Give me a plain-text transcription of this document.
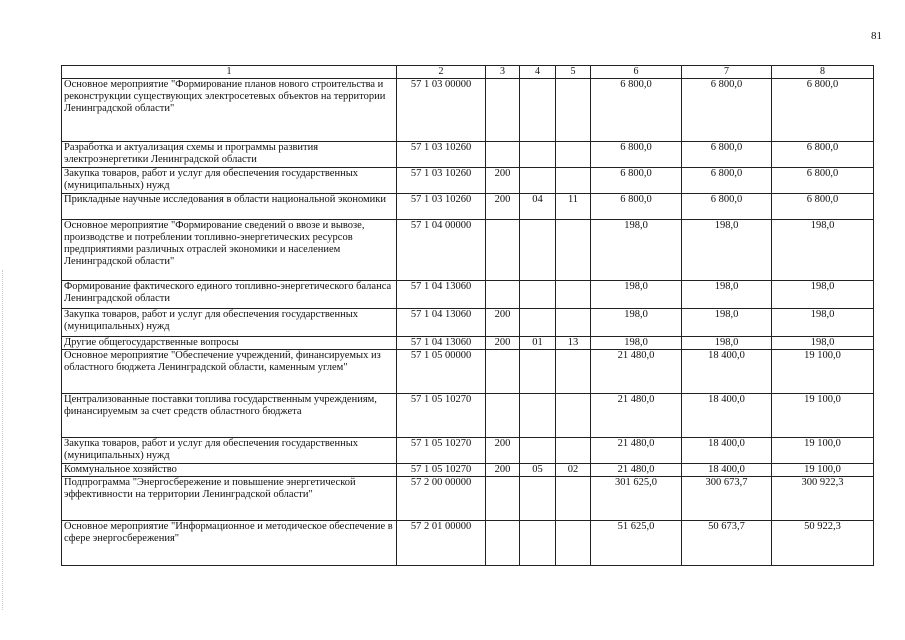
81
1	2	3	4	5	6	7	8
Основное мероприятие "Формирование планов нового строительства и реконструкции существующих электросетевых объектов на территории Ленинградской области"	57 1 03 00000				6 800,0	6 800,0	6 800,0
Разработка и актуализация схемы и программы развития электроэнергетики Ленинградской области	57 1 03 10260				6 800,0	6 800,0	6 800,0
Закупка товаров, работ и услуг для обеспечения государственных (муниципальных) нужд	57 1 03 10260	200			6 800,0	6 800,0	6 800,0
Прикладные научные исследования в области национальной экономики	57 1 03 10260	200	04	11	6 800,0	6 800,0	6 800,0
Основное мероприятие "Формирование сведений о ввозе и вывозе, производстве и потреблении топливно-энергетических ресурсов предприятиями различных отраслей экономики и населением Ленинградской области"	57 1 04 00000				198,0	198,0	198,0
Формирование фактического единого топливно-энергетического баланса Ленинградской области	57 1 04 13060				198,0	198,0	198,0
Закупка товаров, работ и услуг для обеспечения государственных (муниципальных) нужд	57 1 04 13060	200			198,0	198,0	198,0
Другие общегосударственные вопросы	57 1 04 13060	200	01	13	198,0	198,0	198,0
Основное мероприятие "Обеспечение учреждений, финансируемых из областного бюджета Ленинградской области, каменным углем"	57 1 05 00000				21 480,0	18 400,0	19 100,0
Централизованные поставки топлива государственным учреждениям, финансируемым за счет средств областного бюджета	57 1 05 10270				21 480,0	18 400,0	19 100,0
Закупка товаров, работ и услуг для обеспечения государственных (муниципальных) нужд	57 1 05 10270	200			21 480,0	18 400,0	19 100,0
Коммунальное хозяйство	57 1 05 10270	200	05	02	21 480,0	18 400,0	19 100,0
Подпрограмма "Энергосбережение и повышение энергетической эффективности на территории Ленинградской области"	57 2 00 00000				301 625,0	300 673,7	300 922,3
Основное мероприятие "Информационное и методическое обеспечение в сфере энергосбережения"	57 2 01 00000				51 625,0	50 673,7	50 922,3
